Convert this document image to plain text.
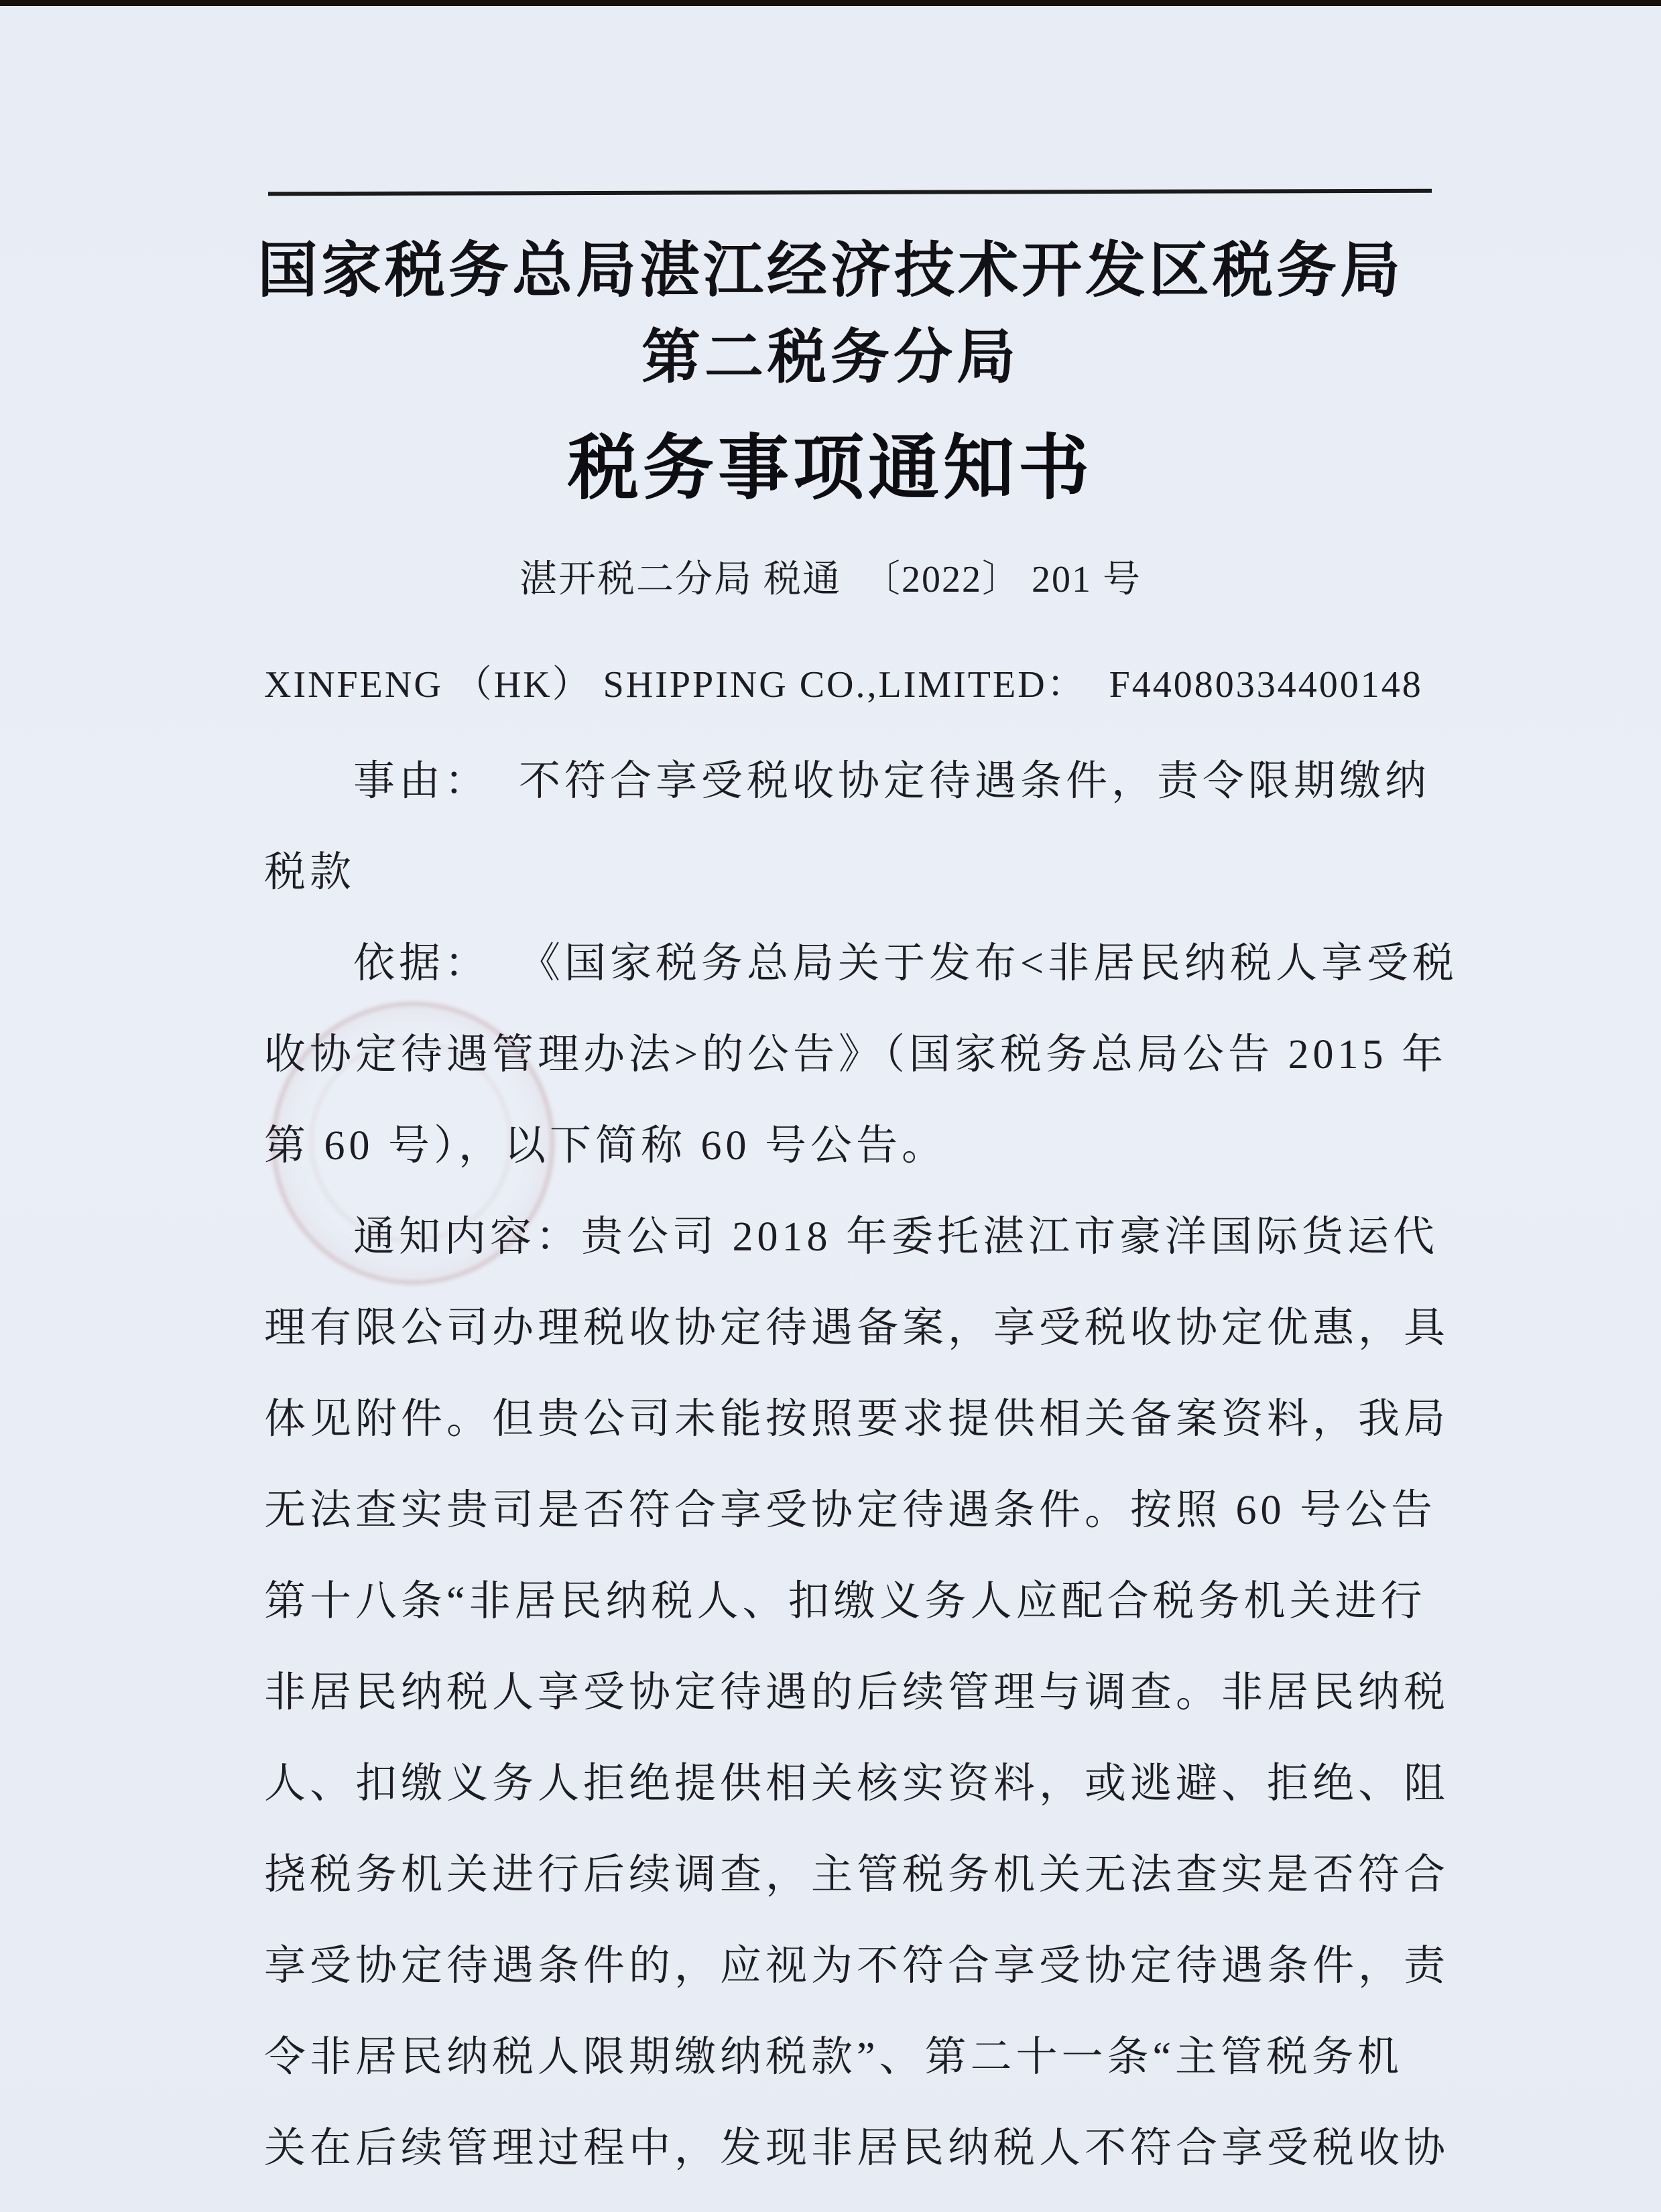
国家税务总局湛江经济技术开发区税务局
第二税务分局
税务事项通知书
湛开税二分局 税通  〔2022〕 201 号
XINFENG （HK） SHIPPING CO.,LIMITED：  F44080334400148
事由：  不符合享受税收协定待遇条件，责令限期缴纳
税款
依据：  《国家税务总局关于发布<非居民纳税人享受税
收协定待遇管理办法>的公告》（国家税务总局公告 2015 年
第 60 号），以下简称 60 号公告。
通知内容：贵公司 2018 年委托湛江市豪洋国际货运代
理有限公司办理税收协定待遇备案，享受税收协定优惠，具
体见附件。但贵公司未能按照要求提供相关备案资料，我局
无法查实贵司是否符合享受协定待遇条件。按照 60 号公告
第十八条“非居民纳税人、扣缴义务人应配合税务机关进行
非居民纳税人享受协定待遇的后续管理与调查。非居民纳税
人、扣缴义务人拒绝提供相关核实资料，或逃避、拒绝、阻
挠税务机关进行后续调查，主管税务机关无法查实是否符合
享受协定待遇条件的，应视为不符合享受协定待遇条件，责
令非居民纳税人限期缴纳税款”、第二十一条“主管税务机
关在后续管理过程中，发现非居民纳税人不符合享受税收协
